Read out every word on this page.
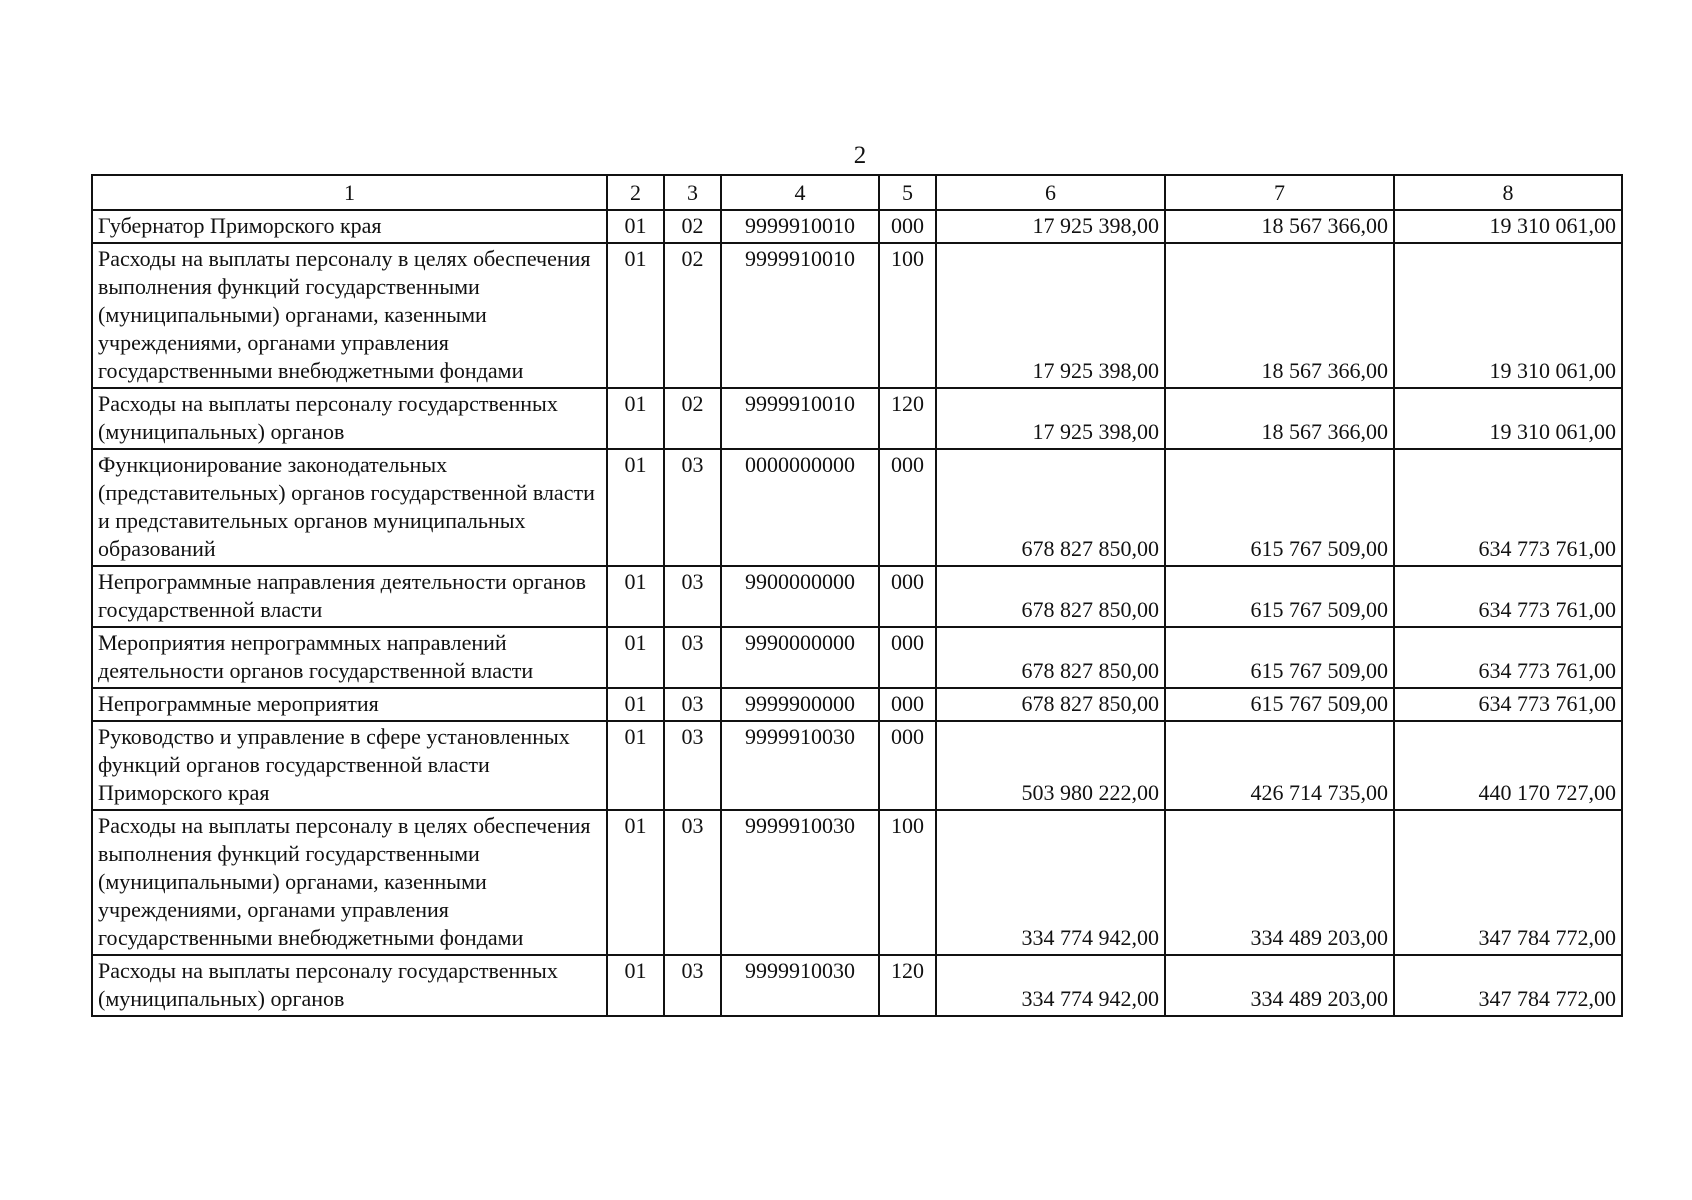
2
1	2	3	4	5	6	7	8
Губернатор Приморского края	01	02	9999910010	000	17 925 398,00	18 567 366,00	19 310 061,00
Расходы на выплаты персоналу в целях обеспечения выполнения функций государственными (муниципальными) органами, казенными учреждениями, органами управления государственными внебюджетными фондами	01	02	9999910010	100	17 925 398,00	18 567 366,00	19 310 061,00
Расходы на выплаты персоналу государственных (муниципальных) органов	01	02	9999910010	120	17 925 398,00	18 567 366,00	19 310 061,00
Функционирование законодательных (представительных) органов государственной власти и представительных органов муниципальных образований	01	03	0000000000	000	678 827 850,00	615 767 509,00	634 773 761,00
Непрограммные направления деятельности органов государственной власти	01	03	9900000000	000	678 827 850,00	615 767 509,00	634 773 761,00
Мероприятия непрограммных направлений деятельности органов государственной власти	01	03	9990000000	000	678 827 850,00	615 767 509,00	634 773 761,00
Непрограммные мероприятия	01	03	9999900000	000	678 827 850,00	615 767 509,00	634 773 761,00
Руководство и управление в сфере установленных функций органов государственной власти Приморского края	01	03	9999910030	000	503 980 222,00	426 714 735,00	440 170 727,00
Расходы на выплаты персоналу в целях обеспечения выполнения функций государственными (муниципальными) органами, казенными учреждениями, органами управления государственными внебюджетными фондами	01	03	9999910030	100	334 774 942,00	334 489 203,00	347 784 772,00
Расходы на выплаты персоналу государственных (муниципальных) органов	01	03	9999910030	120	334 774 942,00	334 489 203,00	347 784 772,00
